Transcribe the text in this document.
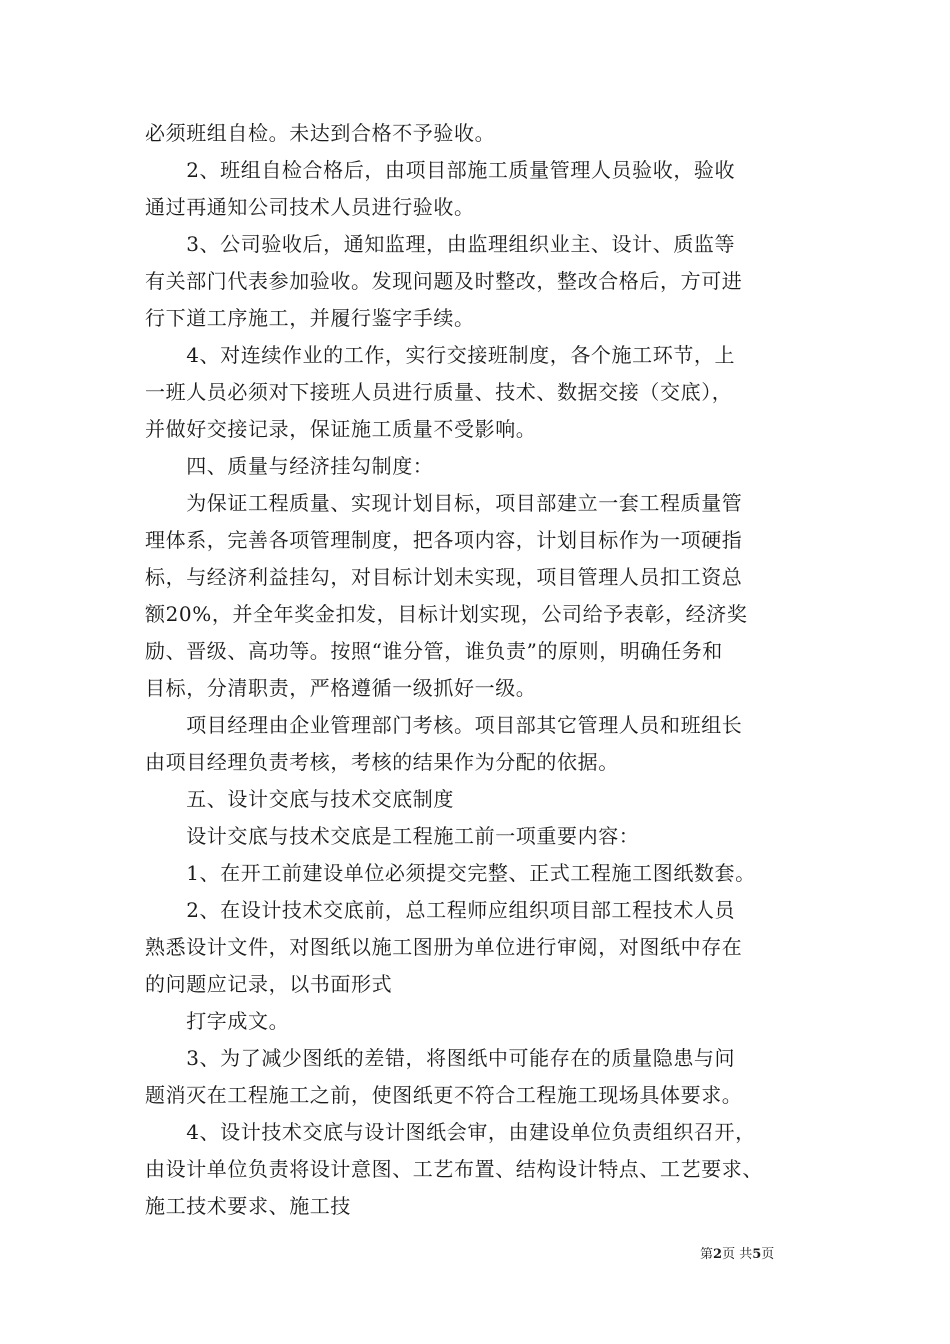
必须班组自检。未达到合格不予验收。
　　2、班组自检合格后，由项目部施工质量管理人员验收，验收
通过再通知公司技术人员进行验收。
　　3、公司验收后，通知监理，由监理组织业主、设计、质监等
有关部门代表参加验收。发现问题及时整改，整改合格后，方可进
行下道工序施工，并履行鉴字手续。
　　4、对连续作业的工作，实行交接班制度，各个施工环节，上
一班人员必须对下接班人员进行质量、技术、数据交接（交底），
并做好交接记录，保证施工质量不受影响。
　　四、质量与经济挂勾制度：
　　为保证工程质量、实现计划目标，项目部建立一套工程质量管
理体系，完善各项管理制度，把各项内容，计划目标作为一项硬指
标，与经济利益挂勾，对目标计划未实现，项目管理人员扣工资总
额20%，并全年奖金扣发，目标计划实现，公司给予表彰，经济奖
励、晋级、高功等。按照“谁分管，谁负责”的原则，明确任务和
目标，分清职责，严格遵循一级抓好一级。
　　项目经理由企业管理部门考核。项目部其它管理人员和班组长
由项目经理负责考核，考核的结果作为分配的依据。
　　五、设计交底与技术交底制度
　　设计交底与技术交底是工程施工前一项重要内容：
　　1、在开工前建设单位必须提交完整、正式工程施工图纸数套。
　　2、在设计技术交底前，总工程师应组织项目部工程技术人员
熟悉设计文件，对图纸以施工图册为单位进行审阅，对图纸中存在
的问题应记录，以书面形式
　　打字成文。
　　3、为了减少图纸的差错，将图纸中可能存在的质量隐患与问
题消灭在工程施工之前，使图纸更不符合工程施工现场具体要求。
　　4、设计技术交底与设计图纸会审，由建设单位负责组织召开，
由设计单位负责将设计意图、工艺布置、结构设计特点、工艺要求、
施工技术要求、施工技
第2页 共5页
